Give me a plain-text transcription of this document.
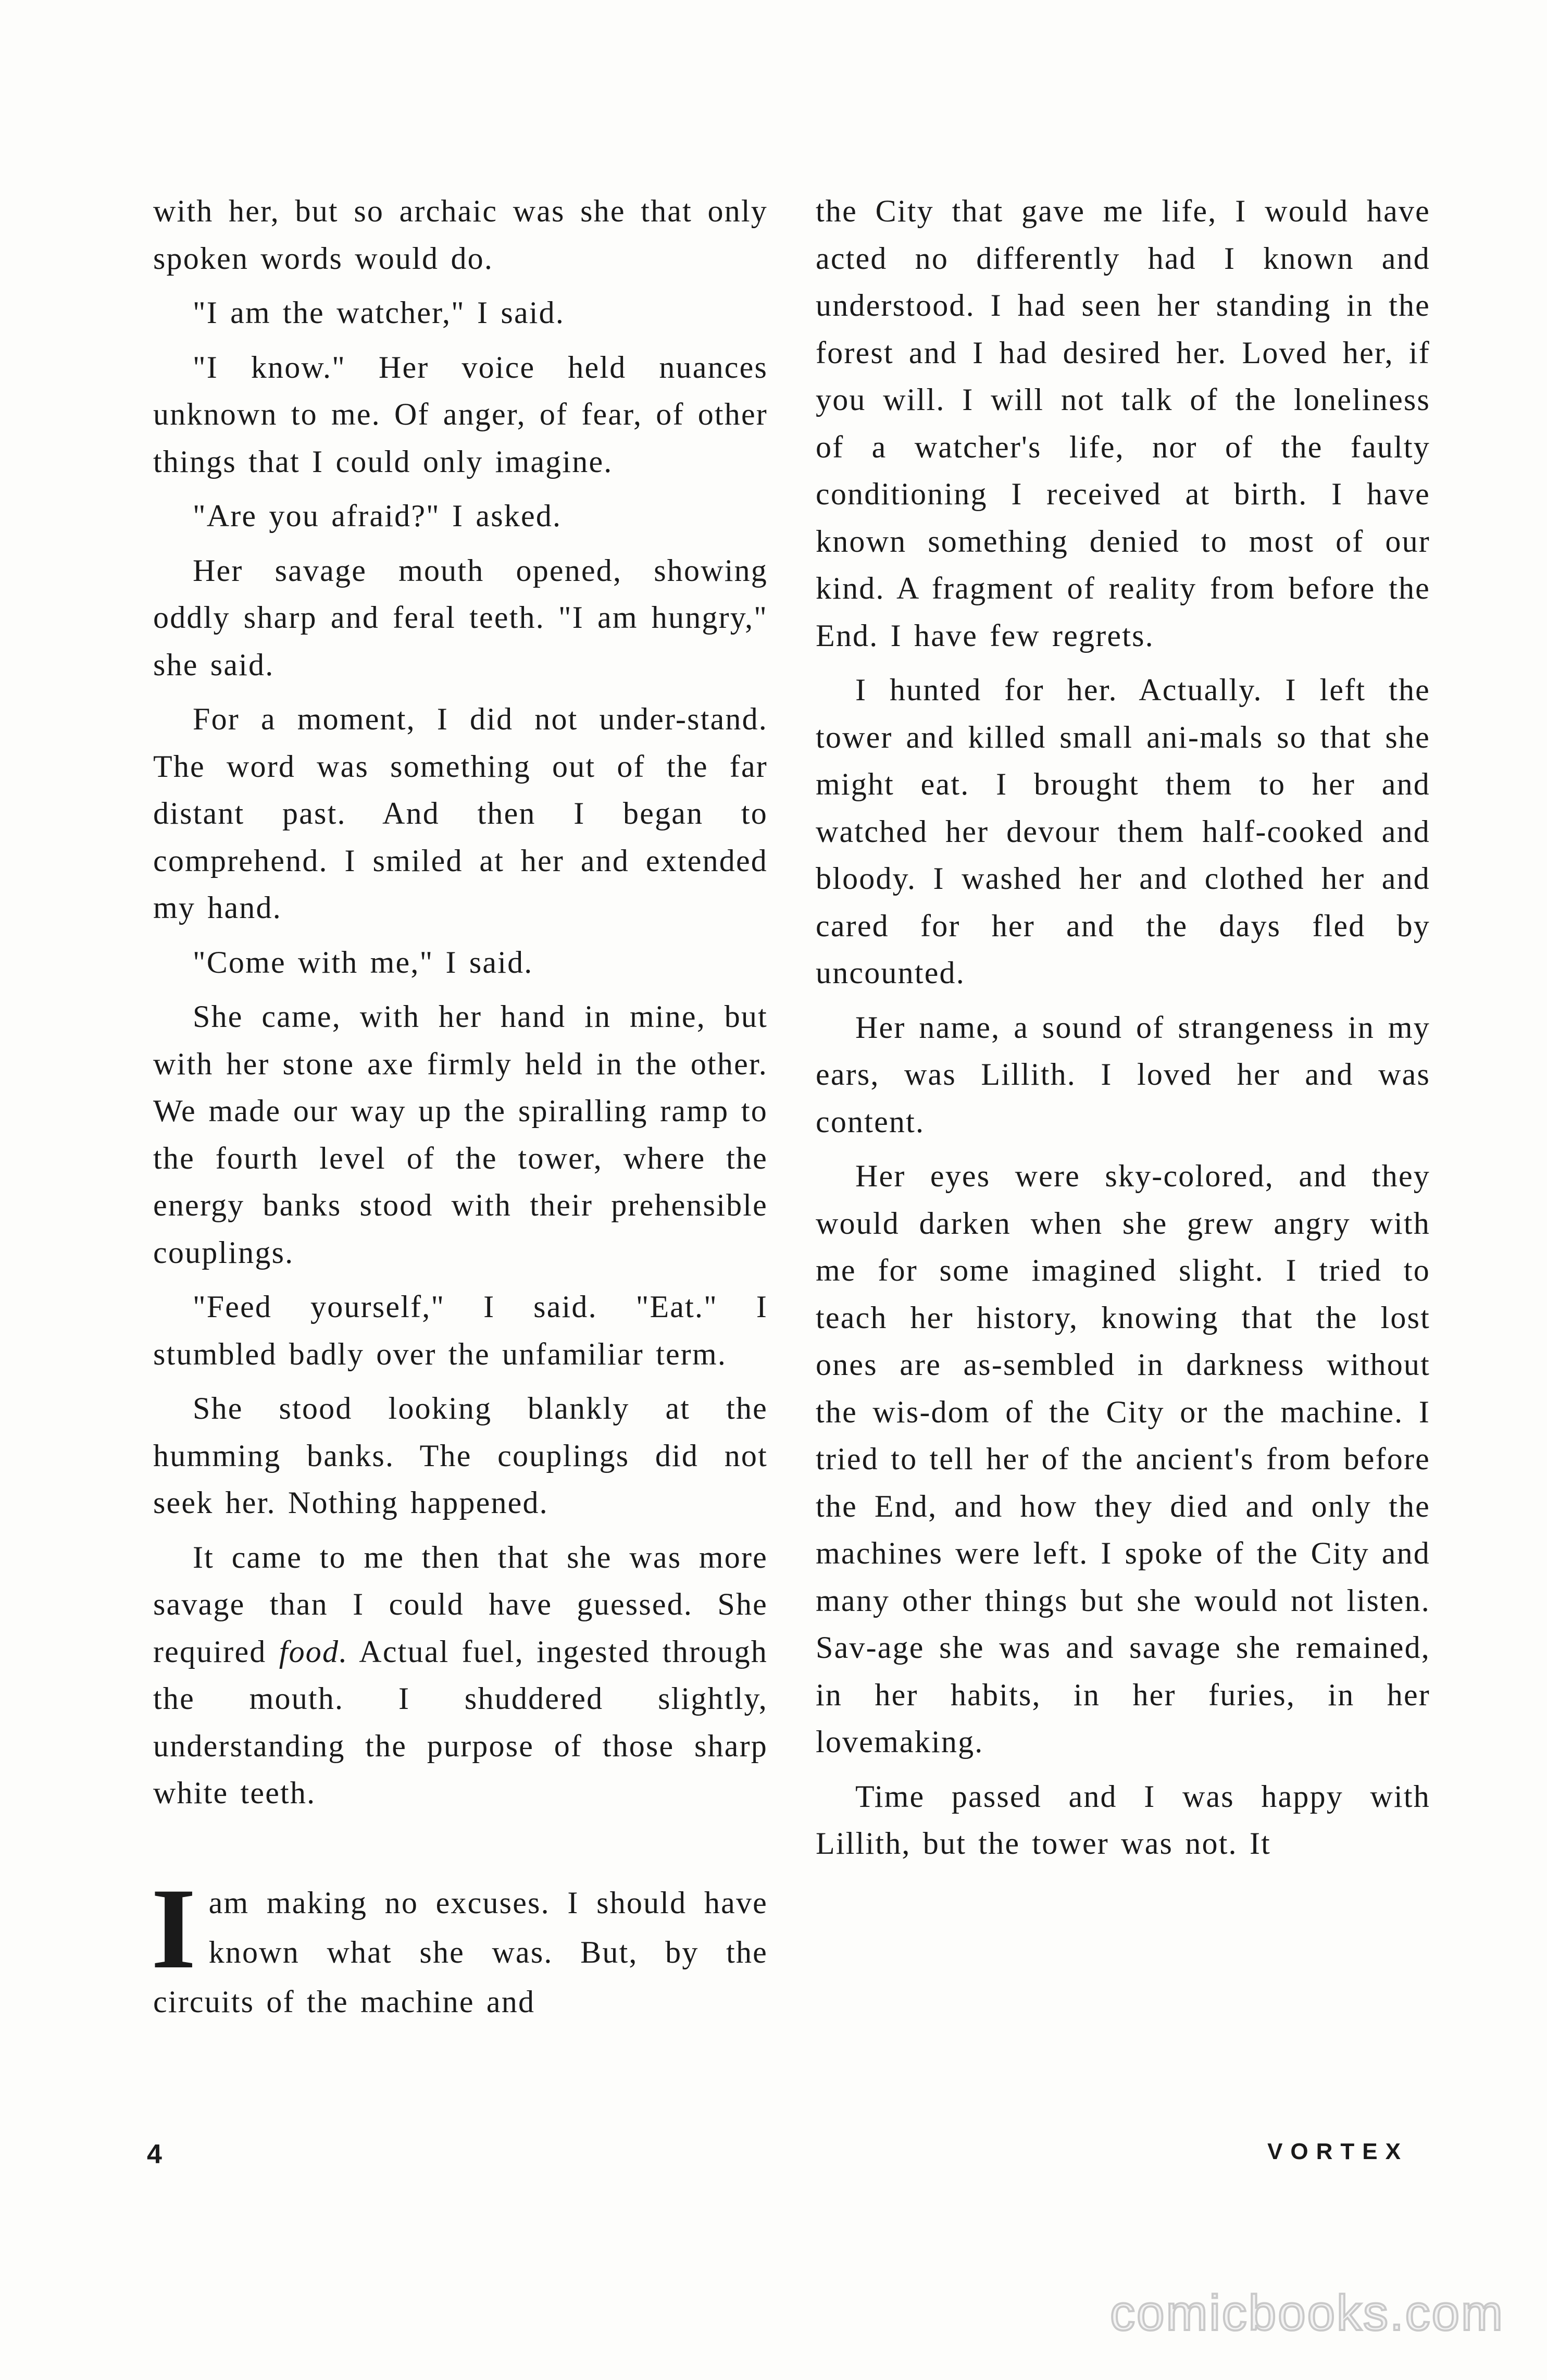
with her, but so archaic was she that only spoken words would do.

"I am the watcher," I said.

"I know." Her voice held nuances unknown to me. Of anger, of fear, of other things that I could only imagine.

"Are you afraid?" I asked.

Her savage mouth opened, showing oddly sharp and feral teeth. "I am hungry," she said.

For a moment, I did not under-stand. The word was something out of the far distant past. And then I began to comprehend. I smiled at her and extended my hand.

"Come with me," I said.

She came, with her hand in mine, but with her stone axe firmly held in the other. We made our way up the spiralling ramp to the fourth level of the tower, where the energy banks stood with their prehensible couplings.

"Feed yourself," I said. "Eat." I stumbled badly over the unfamiliar term.

She stood looking blankly at the humming banks. The couplings did not seek her. Nothing happened.

It came to me then that she was more savage than I could have guessed. She required food. Actual fuel, ingested through the mouth. I shuddered slightly, understanding the purpose of those sharp white teeth.

Iam making no excuses. I should have known what she was. But, by the circuits of the machine and

the City that gave me life, I would have acted no differently had I known and understood. I had seen her standing in the forest and I had desired her. Loved her, if you will. I will not talk of the loneliness of a watcher's life, nor of the faulty conditioning I received at birth. I have known something denied to most of our kind. A fragment of reality from before the End. I have few regrets.

I hunted for her. Actually. I left the tower and killed small ani-mals so that she might eat. I brought them to her and watched her devour them half-cooked and bloody. I washed her and clothed her and cared for her and the days fled by uncounted.

Her name, a sound of strangeness in my ears, was Lillith. I loved her and was content.

Her eyes were sky-colored, and they would darken when she grew angry with me for some imagined slight. I tried to teach her history, knowing that the lost ones are as-sembled in darkness without the wis-dom of the City or the machine. I tried to tell her of the ancient's from before the End, and how they died and only the machines were left. I spoke of the City and many other things but she would not listen. Sav-age she was and savage she remained, in her habits, in her furies, in her lovemaking.

Time passed and I was happy with Lillith, but the tower was not. It

4	VORTEX
comicbooks.com
